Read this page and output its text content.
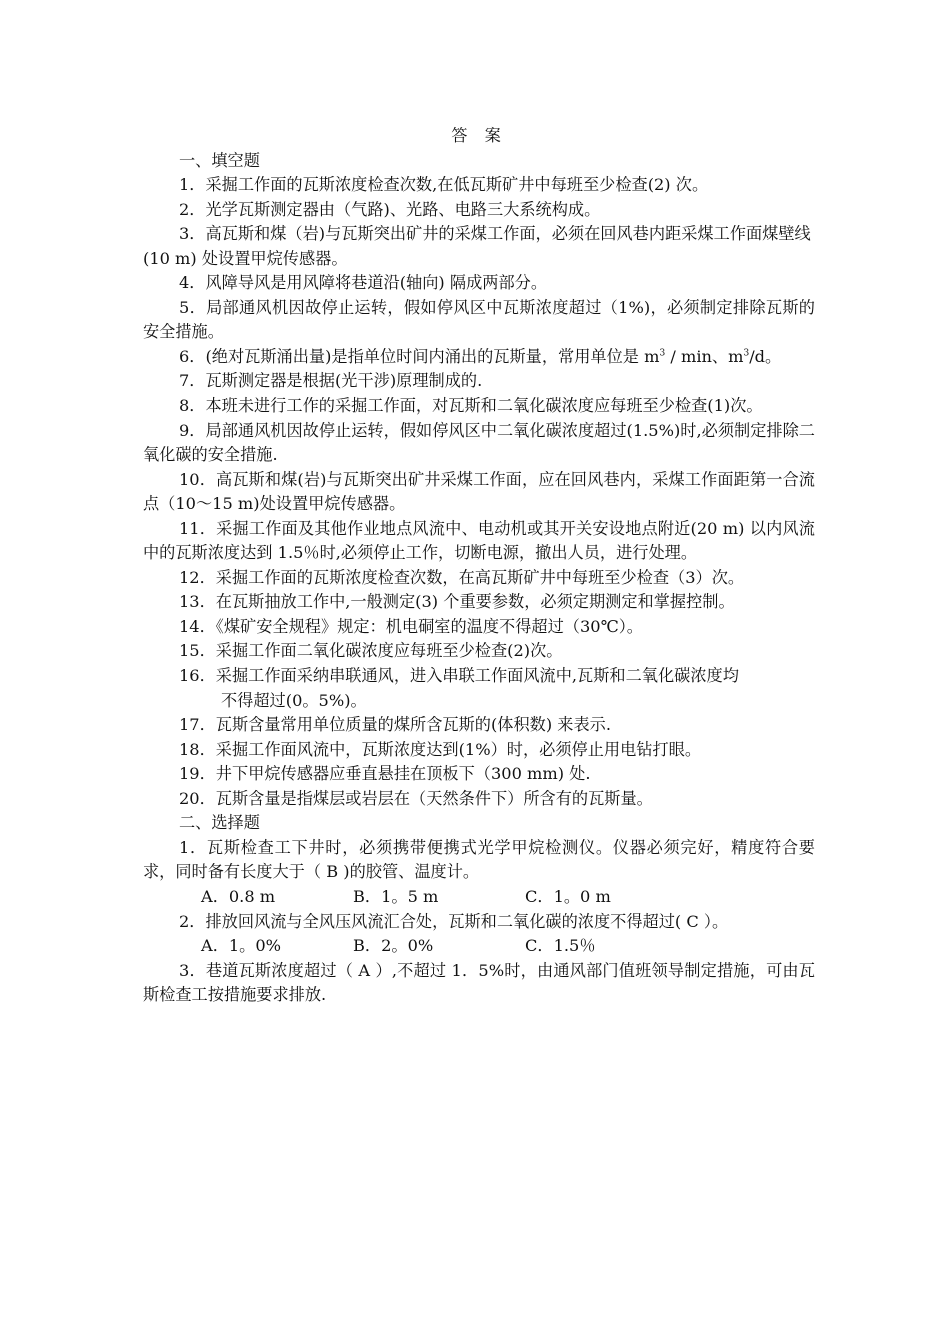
答 案

一、填空题

1．采掘工作面的瓦斯浓度检查次数,在低瓦斯矿井中每班至少检查(2) 次。

2．光学瓦斯测定器由（气路)、光路、电路三大系统构成。

3．高瓦斯和煤（岩)与瓦斯突出矿井的采煤工作面，必须在回风巷内距采煤工作面煤壁线

(10 m) 处设置甲烷传感器。

4．风障导风是用风障将巷道沿(轴向) 隔成两部分。

5．局部通风机因故停止运转，假如停风区中瓦斯浓度超过（1%)，必须制定排除瓦斯的安全措施。

6．(绝对瓦斯涌出量)是指单位时间内涌出的瓦斯量，常用单位是 $m^3$ / min、$m^3/d$。

7．瓦斯测定器是根据(光干涉)原理制成的.

8．本班未进行工作的采掘工作面，对瓦斯和二氧化碳浓度应每班至少检查(1)次。

9．局部通风机因故停止运转，假如停风区中二氧化碳浓度超过(1.5%)时,必须制定排除二氧化碳的安全措施.

10．高瓦斯和煤(岩)与瓦斯突出矿井采煤工作面，应在回风巷内，采煤工作面距第一合流点（10～15 m)处设置甲烷传感器。

11．采掘工作面及其他作业地点风流中、电动机或其开关安设地点附近(20 m) 以内风流中的瓦斯浓度达到 1.5％时,必须停止工作，切断电源，撤出人员，进行处理。

12．采掘工作面的瓦斯浓度检查次数，在高瓦斯矿井中每班至少检查（3）次。

13．在瓦斯抽放工作中,一般测定(3) 个重要参数，必须定期测定和掌握控制。

14．《煤矿安全规程》规定：机电硐室的温度不得超过（30℃）。

15．采掘工作面二氧化碳浓度应每班至少检查(2)次。

16．采掘工作面采纳串联通风，进入串联工作面风流中,瓦斯和二氧化碳浓度均

不得超过(0。5%)。

17．瓦斯含量常用单位质量的煤所含瓦斯的(体积数) 来表示.

18．采掘工作面风流中，瓦斯浓度达到(1%）时，必须停止用电钻打眼。

19．井下甲烷传感器应垂直悬挂在顶板下（300 mm) 处.

20．瓦斯含量是指煤层或岩层在（天然条件下）所含有的瓦斯量。

二、选择题

1．瓦斯检查工下井时，必须携带便携式光学甲烷检测仪。仪器必须完好，精度符合要求，同时备有长度大于（ B )的胶管、温度计。

A．0.8 m	B．1。5 m	C．1。0 m

2．排放回风流与全风压风流汇合处，瓦斯和二氧化碳的浓度不得超过( C ）。

A．1。0%	B．2。0%	C．1.5％

3．巷道瓦斯浓度超过（ A ）,不超过 1．5%时，由通风部门值班领导制定措施，可由瓦斯检查工按措施要求排放.
